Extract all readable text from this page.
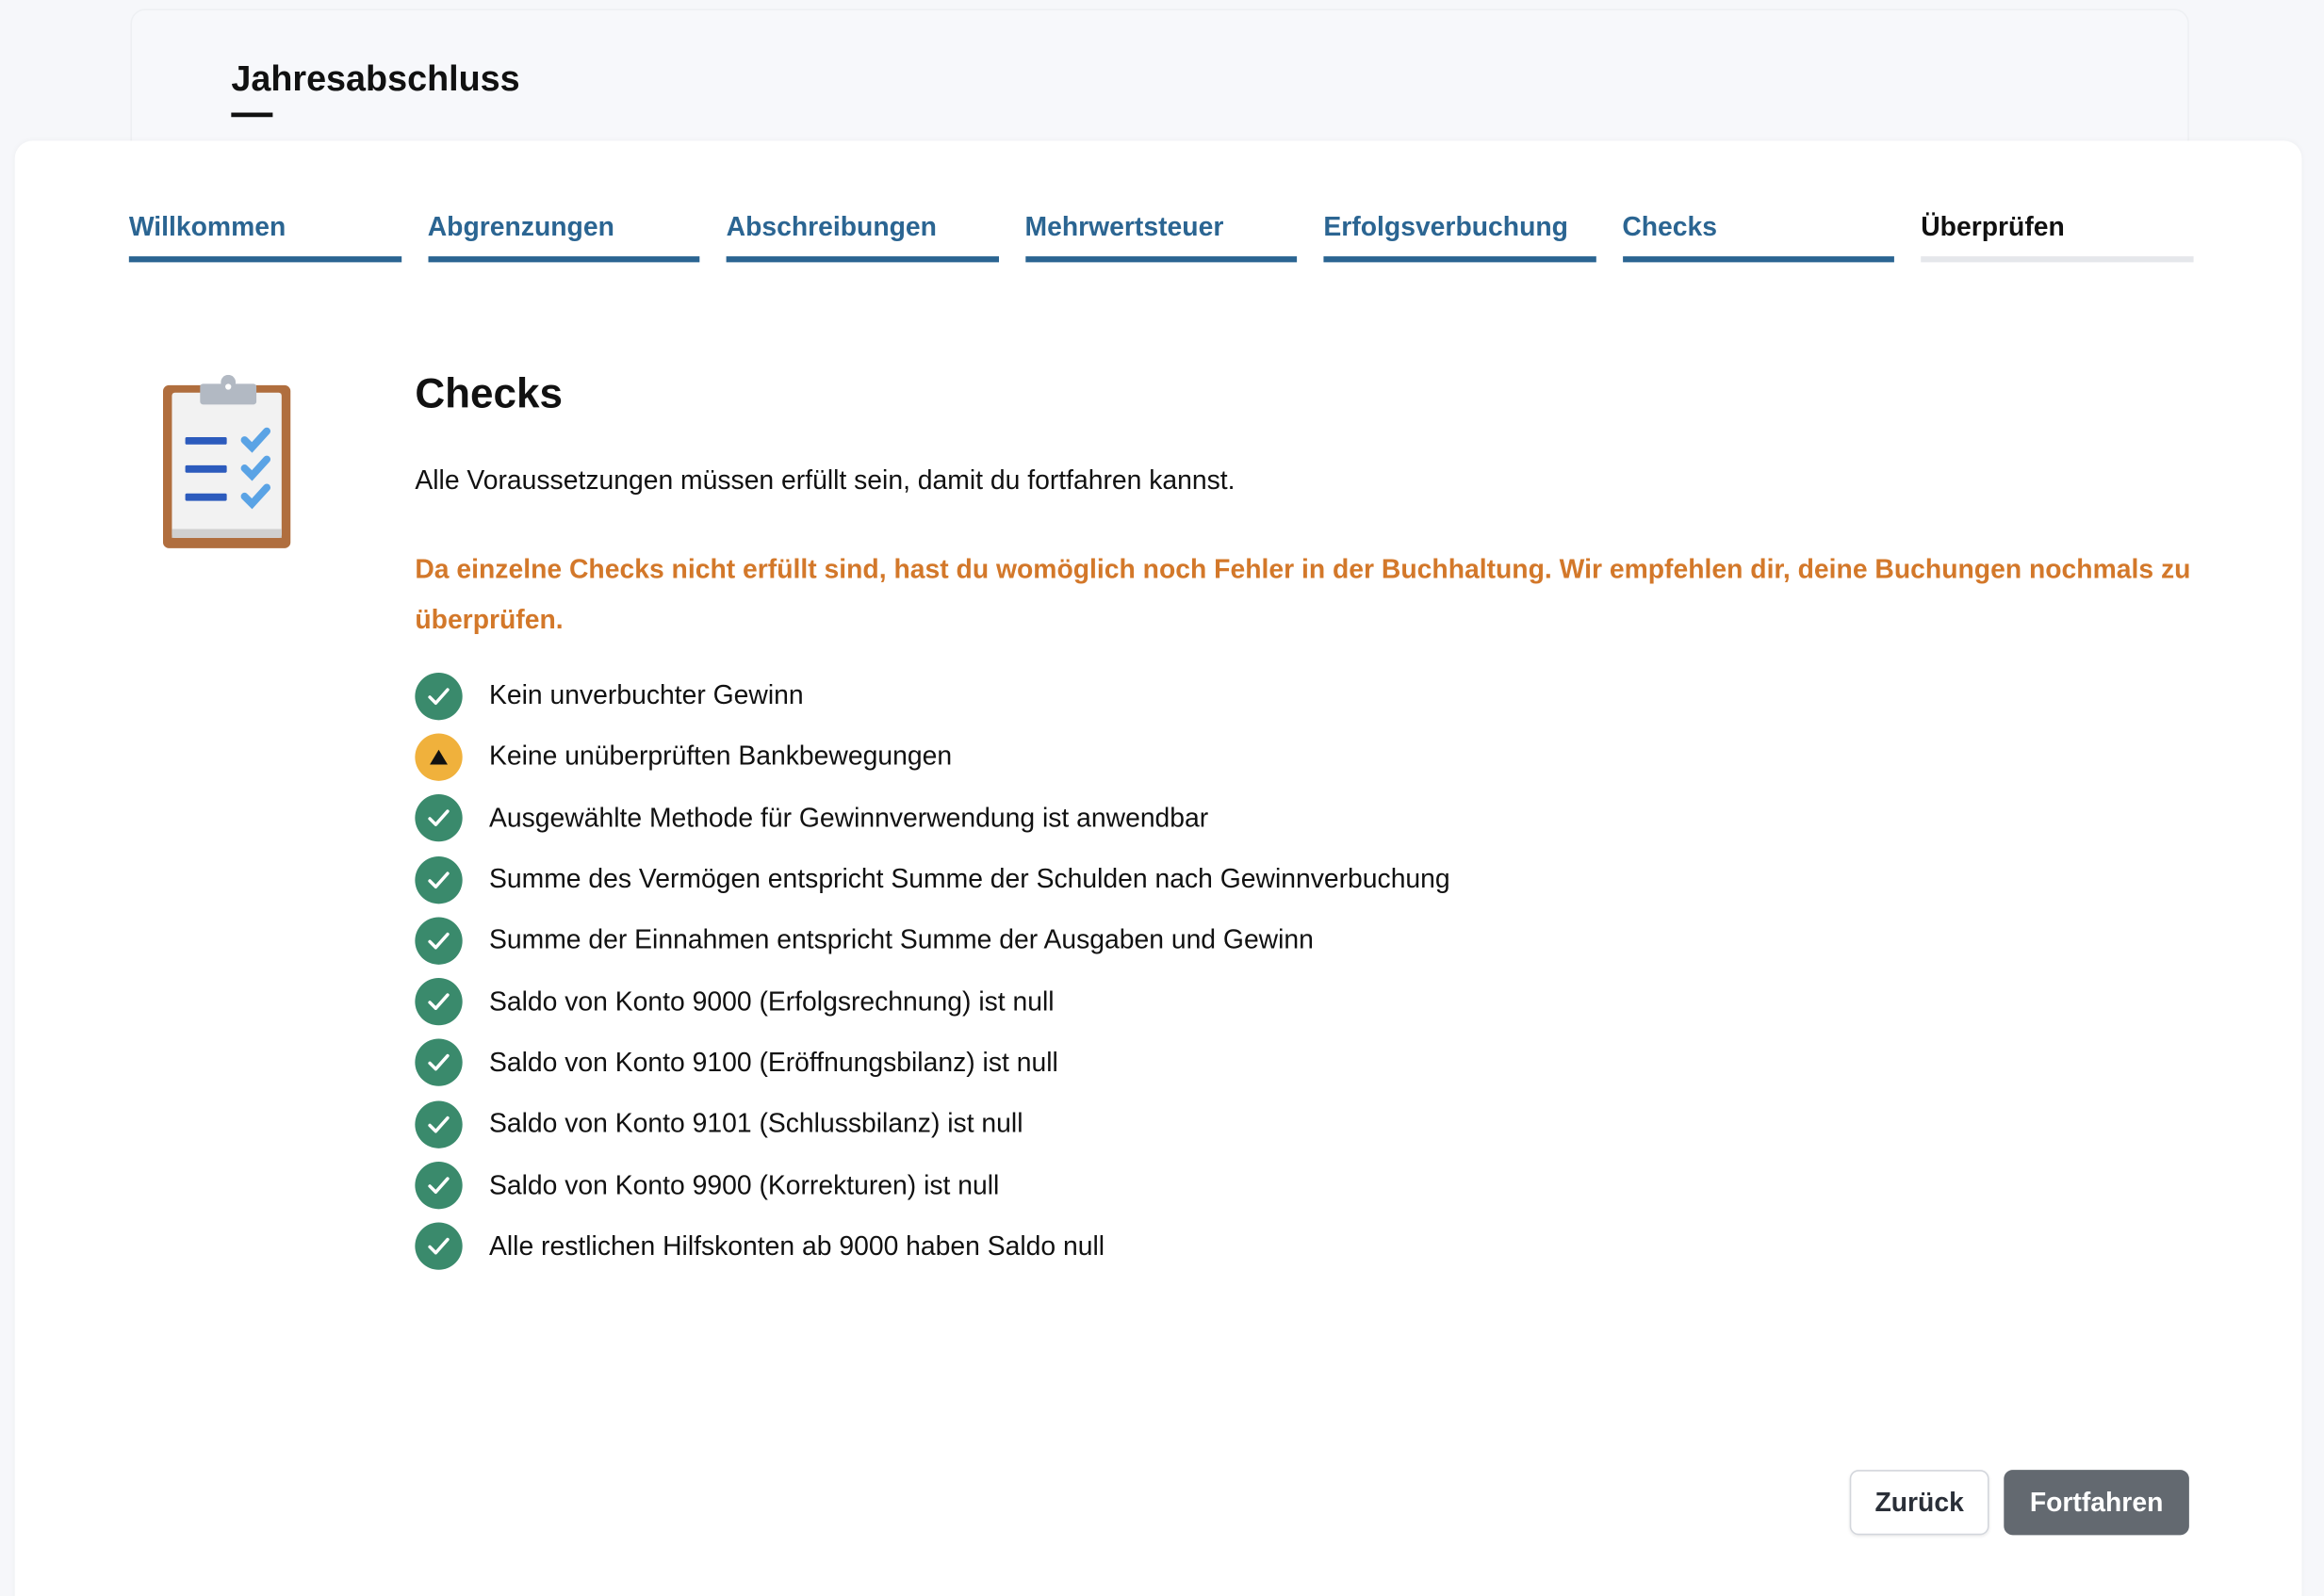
Jahresabschluss
Willkommen	Abgrenzungen	Abschreibungen	Mehrwertsteuer	Erfolgsverbuchung	Checks	Überprüfen
Checks

Alle Voraussetzungen müssen erfüllt sein, damit du fortfahren kannst.

Da einzelne Checks nicht erfüllt sind, hast du womöglich noch Fehler in der Buchhaltung. Wir empfehlen dir, deine Buchungen nochmals zu überprüfen.

Kein unverbuchter Gewinn
Keine unüberprüften Bankbewegungen
Ausgewählte Methode für Gewinnverwendung ist anwendbar
Summe des Vermögen entspricht Summe der Schulden nach Gewinnverbuchung
Summe der Einnahmen entspricht Summe der Ausgaben und Gewinn
Saldo von Konto 9000 (Erfolgsrechnung) ist null
Saldo von Konto 9100 (Eröffnungsbilanz) ist null
Saldo von Konto 9101 (Schlussbilanz) ist null
Saldo von Konto 9900 (Korrekturen) ist null
Alle restlichen Hilfskonten ab 9000 haben Saldo null
Zurück	Fortfahren
